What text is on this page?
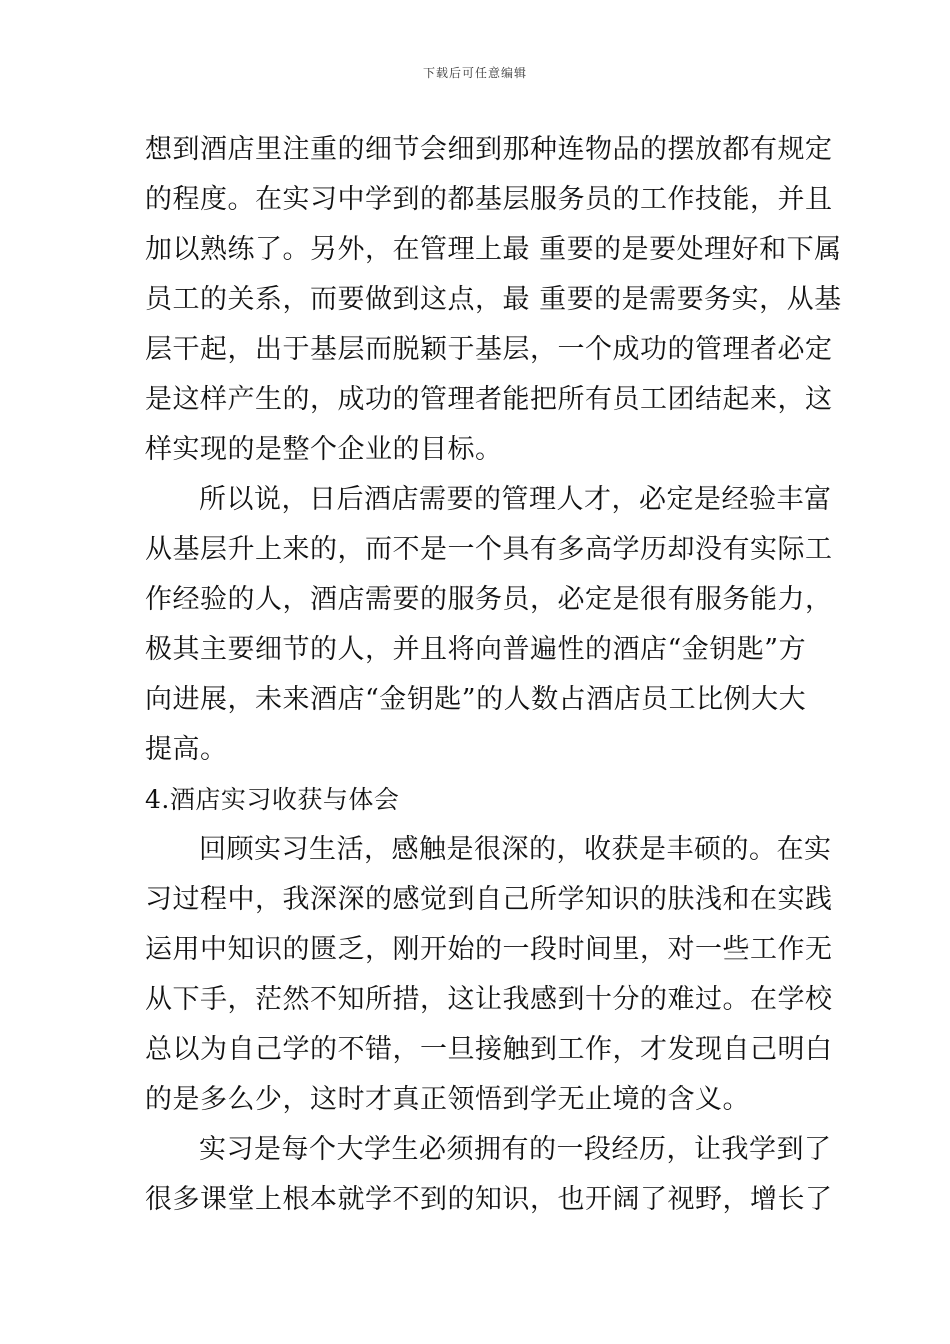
下载后可任意编辑
想到酒店里注重的细节会细到那种连物品的摆放都有规定
的程度。在实习中学到的都基层服务员的工作技能，并且
加以熟练了。另外，在管理上最 重要的是要处理好和下属
员工的关系，而要做到这点，最 重要的是需要务实，从基
层干起，出于基层而脱颖于基层，一个成功的管理者必定
是这样产生的，成功的管理者能把所有员工团结起来，这
样实现的是整个企业的目标。
所以说，日后酒店需要的管理人才，必定是经验丰富
从基层升上来的，而不是一个具有多高学历却没有实际工
作经验的人，酒店需要的服务员，必定是很有服务能力，
极其主要细节的人，并且将向普遍性的酒店“金钥匙”方
向进展，未来酒店“金钥匙”的人数占酒店员工比例大大
提高。
4.酒店实习收获与体会
回顾实习生活，感触是很深的，收获是丰硕的。在实
习过程中，我深深的感觉到自己所学知识的肤浅和在实践
运用中知识的匮乏，刚开始的一段时间里，对一些工作无
从下手，茫然不知所措，这让我感到十分的难过。在学校
总以为自己学的不错，一旦接触到工作，才发现自己明白
的是多么少，这时才真正领悟到学无止境的含义。
实习是每个大学生必须拥有的一段经历，让我学到了
很多课堂上根本就学不到的知识，也开阔了视野，增长了
